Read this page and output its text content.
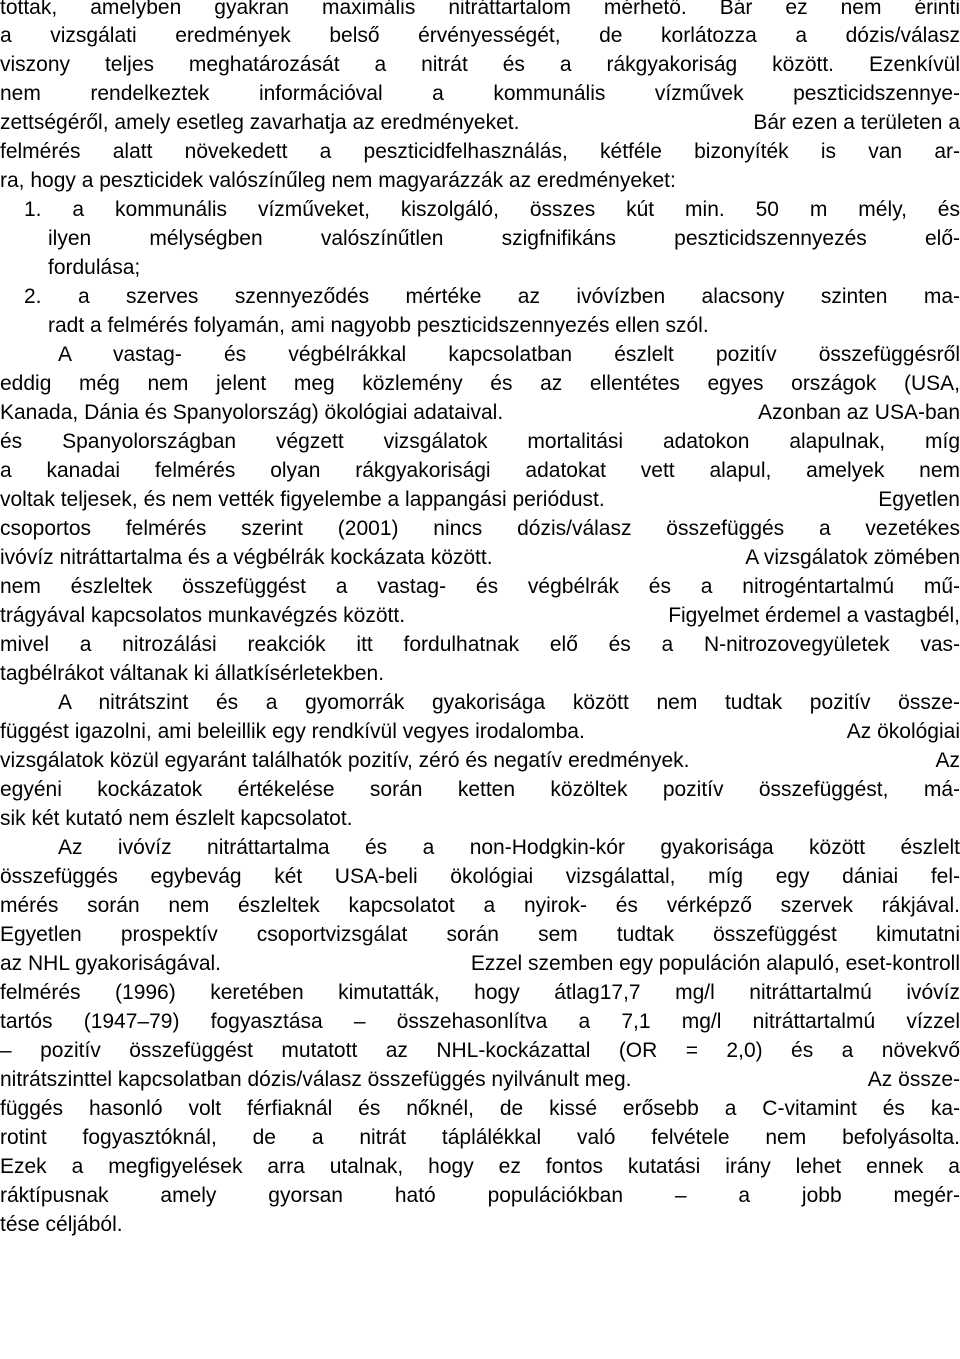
tottak, amelyben gyakran maximális nitráttartalom mérhető. Bár ez nem érinti
a vizsgálati eredmények belső érvényességét, de korlátozza a dózis/válasz
viszony teljes meghatározását a nitrát és a rákgyakoriság között. Ezenkívül
nem rendelkeztek információval a kommunális vízművek peszticidszennye-
zettségéről, amely esetleg zavarhatja az eredményeket.	Bár ezen a területen a
felmérés alatt növekedett a peszticidfelhasználás, kétféle bizonyíték is van ar-
ra, hogy a peszticidek valószínűleg nem magyarázzák az eredményeket:
1. a kommunális vízműveket, kiszolgáló, összes kút min. 50 m mély, és
ilyen mélységben valószínűtlen szigfnifikáns peszticidszennyezés elő-
fordulása;
2. a szerves szennyeződés mértéke az ivóvízben alacsony szinten ma-
radt a felmérés folyamán, ami nagyobb peszticidszennyezés ellen szól.
A vastag- és végbélrákkal kapcsolatban észlelt pozitív összefüggésről
eddig még nem jelent meg közlemény és az ellentétes egyes országok (USA,
Kanada, Dánia és Spanyolország) ökológiai adataival.	Azonban az USA-ban
és Spanyolországban végzett vizsgálatok mortalitási adatokon alapulnak, míg
a kanadai felmérés olyan rákgyakorisági adatokat vett alapul, amelyek nem
voltak teljesek, és nem vették figyelembe a lappangási periódust.	Egyetlen
csoportos felmérés szerint (2001) nincs dózis/válasz összefüggés a vezetékes
ivóvíz nitráttartalma és a végbélrák kockázata között.	A vizsgálatok zömében
nem észleltek összefüggést a vastag- és végbélrák és a nitrogéntartalmú mű-
trágyával kapcsolatos munkavégzés között.	Figyelmet érdemel a vastagbél,
mivel a nitrozálási reakciók itt fordulhatnak elő és a N-nitrozovegyületek vas-
tagbélrákot váltanak ki állatkísérletekben.
A nitrátszint és a gyomorrák gyakorisága között nem tudtak pozitív össze-
függést igazolni, ami beleillik egy rendkívül vegyes irodalomba.	Az ökológiai
vizsgálatok közül egyaránt találhatók pozitív, zéró és negatív eredmények.	Az
egyéni kockázatok értékelése során ketten közöltek pozitív összefüggést, má-
sik két kutató nem észlelt kapcsolatot.
Az ivóvíz nitráttartalma és a non-Hodgkin-kór gyakorisága között észlelt
összefüggés egybevág két USA-beli ökológiai vizsgálattal, míg egy dániai fel-
mérés során nem észleltek kapcsolatot a nyirok- és vérképző szervek rákjával.
Egyetlen prospektív csoportvizsgálat során sem tudtak összefüggést kimutatni
az NHL gyakoriságával.	Ezzel szemben egy populáción alapuló, eset-kontroll
felmérés (1996) keretében kimutatták, hogy átlag17,7 mg/l nitráttartalmú ivóvíz
tartós (1947–79) fogyasztása – összehasonlítva a 7,1 mg/l nitráttartalmú vízzel
– pozitív összefüggést mutatott az NHL-kockázattal (OR = 2,0) és a növekvő
nitrátszinttel kapcsolatban dózis/válasz összefüggés nyilvánult meg.	Az össze-
függés hasonló volt férfiaknál és nőknél, de kissé erősebb a C-vitamint és ka-
rotint fogyasztóknál, de a nitrát táplálékkal való felvétele nem befolyásolta.
Ezek a megfigyelések arra utalnak, hogy ez fontos kutatási irány lehet ennek a
ráktípusnak amely gyorsan ható populációkban – a jobb megér-
tése céljából.
